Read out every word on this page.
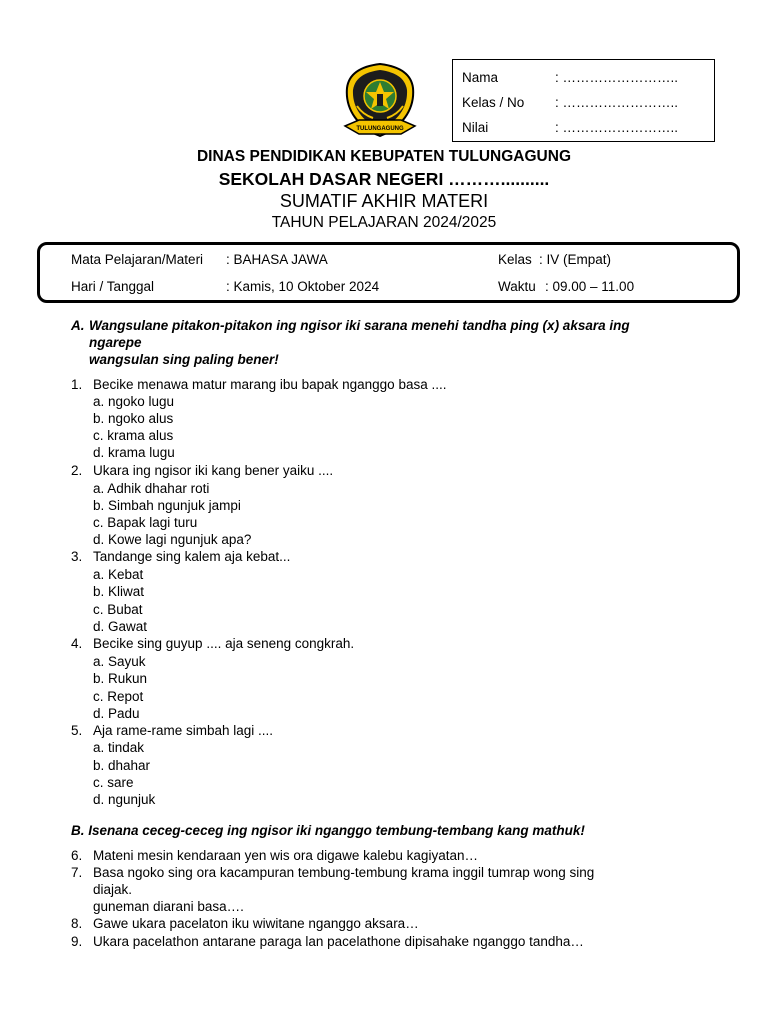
TULUNGAGUNG
Nama	: ……………………..
Kelas / No	: ……………………..
Nilai	: ……………………..
DINAS PENDIDIKAN KEBUPATEN TULUNGAGUNG
SEKOLAH DASAR NEGERI ………..........
SUMATIF AKHIR MATERI
TAHUN PELAJARAN 2024/2025
Mata Pelajaran/Materi : BAHASA JAWA	Kelas : IV (Empat)
Hari / Tanggal	: Kamis, 10 Oktober 2024	Waktu : 09.00 – 11.00
A. Wangsulane pitakon-pitakon ing ngisor iki sarana menehi tandha ping (x) aksara ing
ngarepe
wangsulan sing paling bener!
1. Becike menawa matur marang ibu bapak nganggo basa ....
a. ngoko lugu
b. ngoko alus
c. krama alus
d. krama lugu
2. Ukara ing ngisor iki kang bener yaiku ....
a. Adhik dhahar roti
b. Simbah ngunjuk jampi
c. Bapak lagi turu
d. Kowe lagi ngunjuk apa?
3. Tandange sing kalem aja kebat...
a. Kebat
b. Kliwat
c. Bubat
d. Gawat
4. Becike sing guyup .... aja seneng congkrah.
a. Sayuk
b. Rukun
c. Repot
d. Padu
5. Aja rame-rame simbah lagi ....
a. tindak
b. dhahar
c. sare
d. ngunjuk
B. Isenana ceceg-ceceg ing ngisor iki nganggo tembung-tembang kang mathuk!
6. Mateni mesin kendaraan yen wis ora digawe kalebu kagiyatan…
7. Basa ngoko sing ora kacampuran tembung-tembung krama inggil tumrap wong sing
diajak.
guneman diarani basa….
8. Gawe ukara pacelaton iku wiwitane nganggo aksara…
9. Ukara pacelathon antarane paraga lan pacelathone dipisahake nganggo tandha…
